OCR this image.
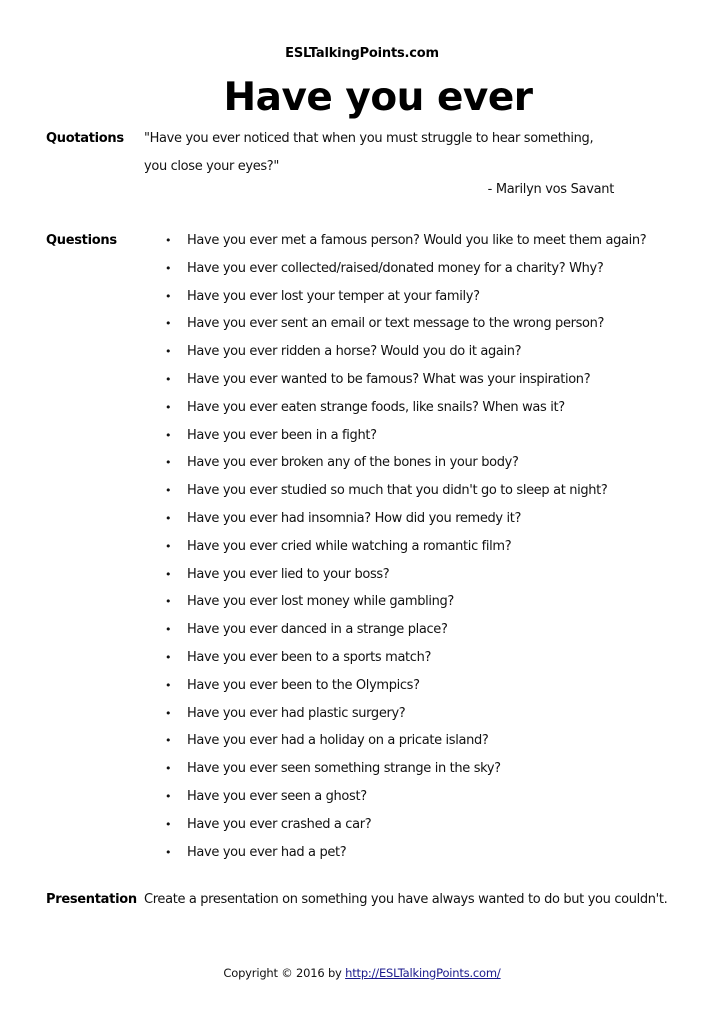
ESLTalkingPoints.com
Have you ever
Quotations "Have you ever noticed that when you must struggle to hear something,
you close your eyes?"
- Marilyn vos Savant
Questions	• Have you ever met a famous person? Would you like to meet them again?
• Have you ever collected/raised/donated money for a charity? Why?
• Have you ever lost your temper at your family?
• Have you ever sent an email or text message to the wrong person?
• Have you ever ridden a horse? Would you do it again?
• Have you ever wanted to be famous? What was your inspiration?
• Have you ever eaten strange foods, like snails? When was it?
• Have you ever been in a fight?
• Have you ever broken any of the bones in your body?
• Have you ever studied so much that you didn't go to sleep at night?
• Have you ever had insomnia? How did you remedy it?
• Have you ever cried while watching a romantic film?
• Have you ever lied to your boss?
• Have you ever lost money while gambling?
• Have you ever danced in a strange place?
• Have you ever been to a sports match?
• Have you ever been to the Olympics?
• Have you ever had plastic surgery?
• Have you ever had a holiday on a pricate island?
• Have you ever seen something strange in the sky?
• Have you ever seen a ghost?
• Have you ever crashed a car?
• Have you ever had a pet?
Presentation Create a presentation on something you have always wanted to do but you couldn't.
Copyright © 2016 by http://ESLTalkingPoints.com/
